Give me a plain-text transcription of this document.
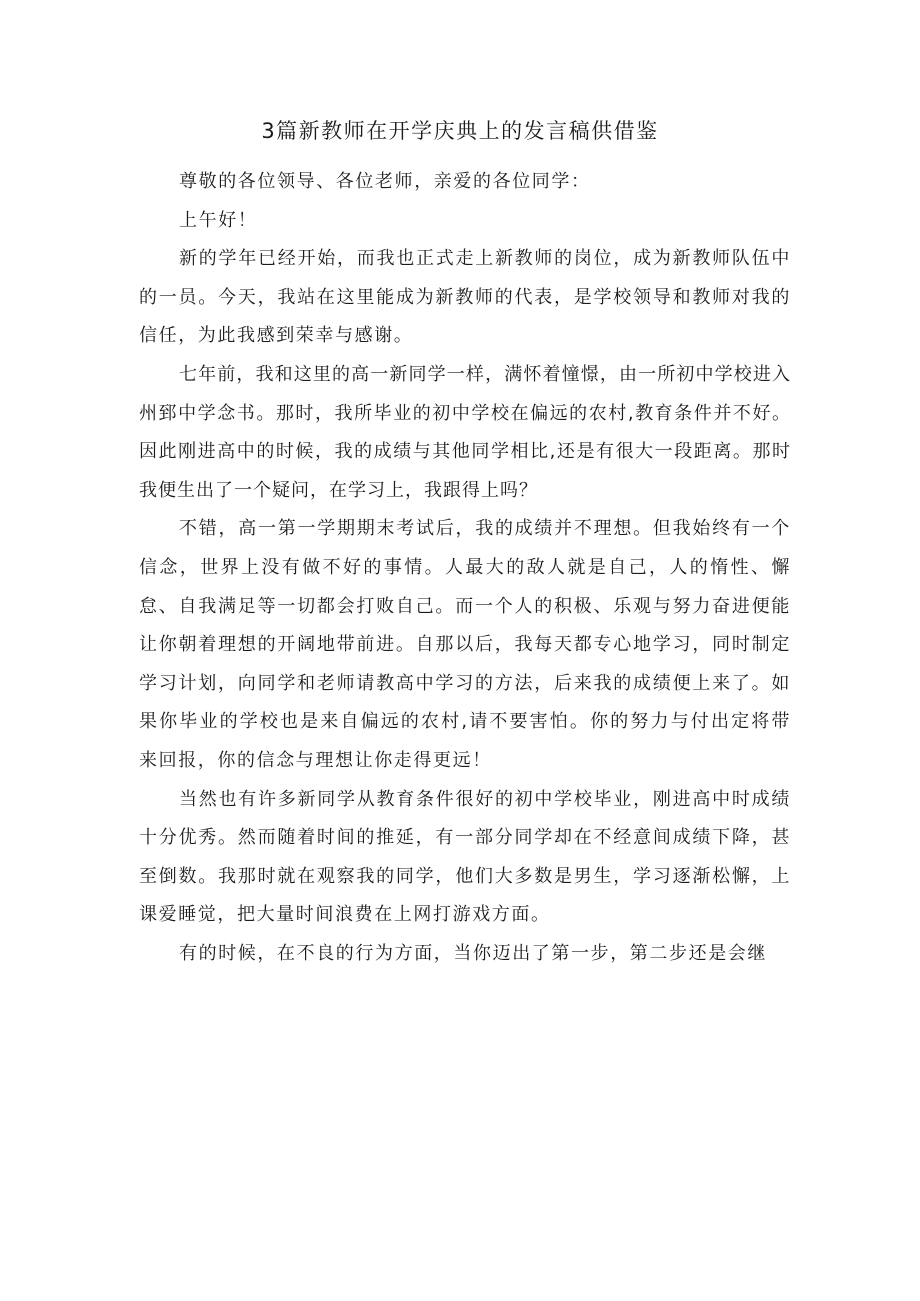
3篇新教师在开学庆典上的发言稿供借鉴

尊敬的各位领导、各位老师，亲爱的各位同学：

上午好！

新的学年已经开始，而我也正式走上新教师的岗位，成为新教师队伍中的一员。今天，我站在这里能成为新教师的代表，是学校领导和教师对我的信任，为此我感到荣幸与感谢。

七年前，我和这里的高一新同学一样，满怀着憧憬，由一所初中学校进入州郅中学念书。那时，我所毕业的初中学校在偏远的农村,教育条件并不好。因此刚进高中的时候，我的成绩与其他同学相比,还是有很大一段距离。那时我便生出了一个疑问，在学习上，我跟得上吗？

不错，高一第一学期期末考试后，我的成绩并不理想。但我始终有一个信念，世界上没有做不好的事情。人最大的敌人就是自己，人的惰性、懈怠、自我满足等一切都会打败自己。而一个人的积极、乐观与努力奋进便能让你朝着理想的开阔地带前进。自那以后，我每天都专心地学习，同时制定学习计划，向同学和老师请教高中学习的方法，后来我的成绩便上来了。如果你毕业的学校也是来自偏远的农村,请不要害怕。你的努力与付出定将带来回报，你的信念与理想让你走得更远！

当然也有许多新同学从教育条件很好的初中学校毕业，刚进高中时成绩十分优秀。然而随着时间的推延，有一部分同学却在不经意间成绩下降，甚至倒数。我那时就在观察我的同学，他们大多数是男生，学习逐渐松懈，上课爱睡觉，把大量时间浪费在上网打游戏方面。

有的时候，在不良的行为方面，当你迈出了第一步，第二步还是会继
